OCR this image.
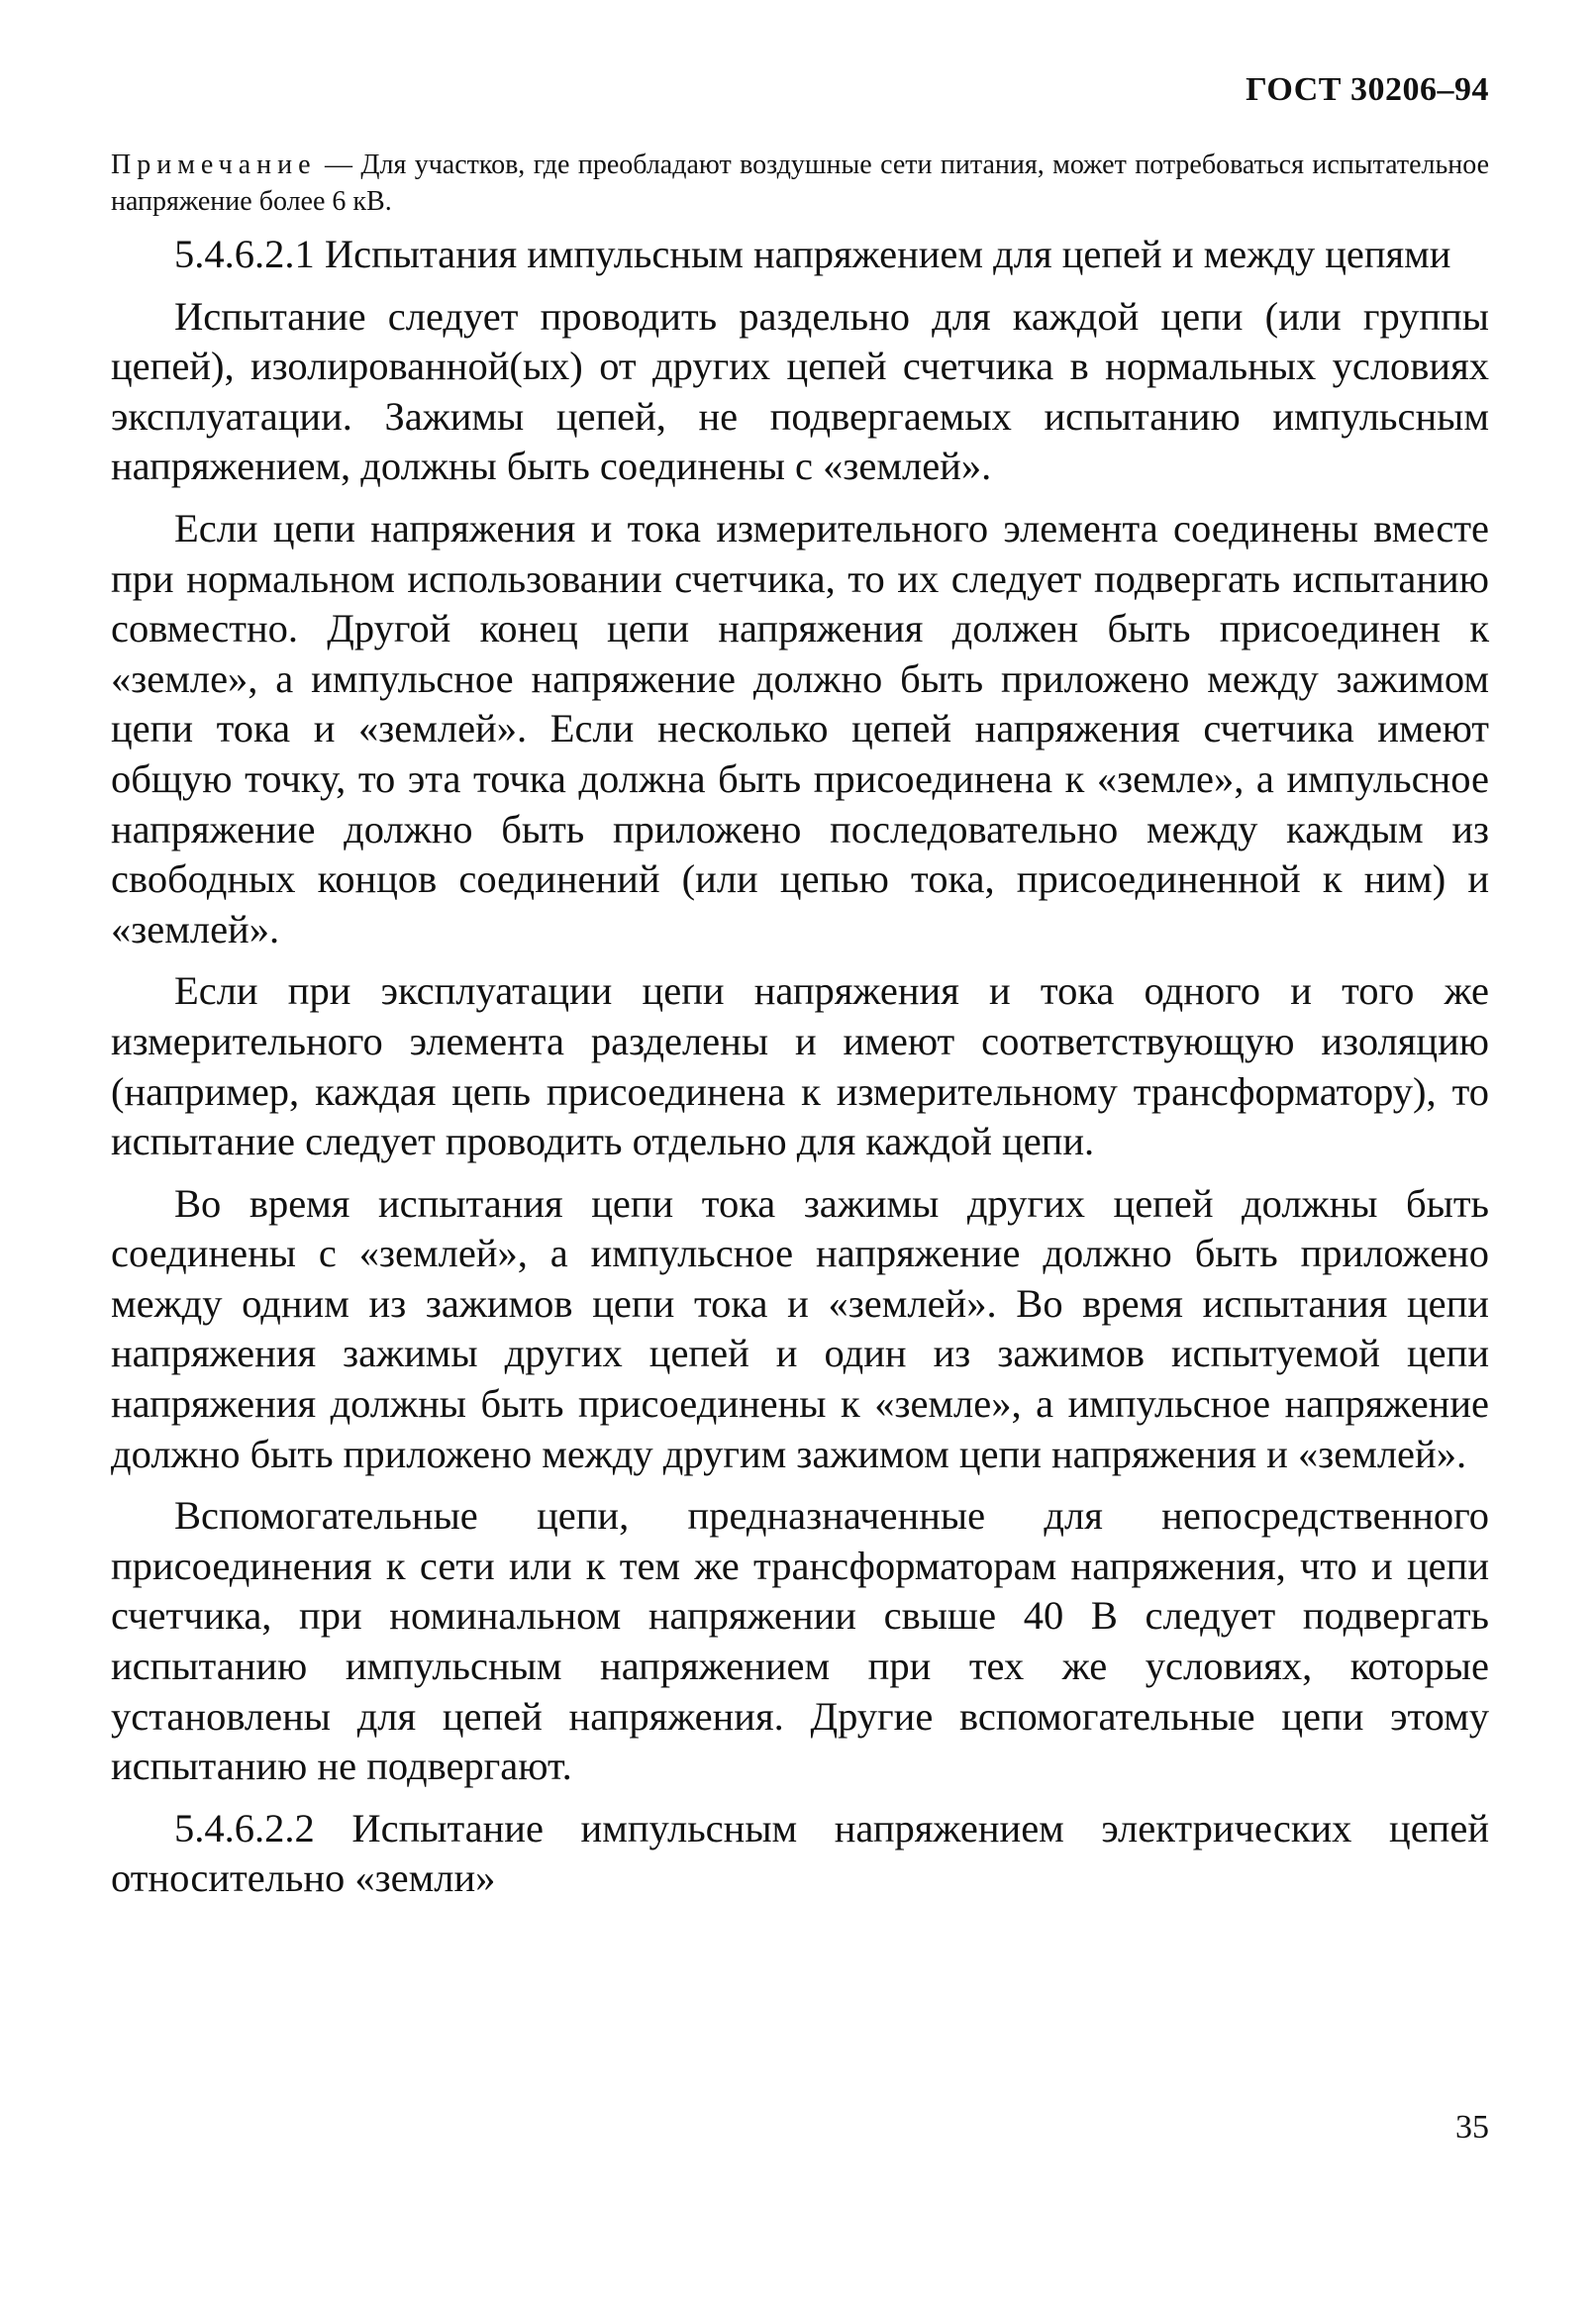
ГОСТ 30206–94
Примечание — Для участков, где преобладают воздушные сети питания, может потребоваться испытательное напряжение более 6 кВ.

5.4.6.2.1 Испытания импульсным напряжением для цепей и между цепями

Испытание следует проводить раздельно для каждой цепи (или группы цепей), изолированной(ых) от других цепей счетчика в нормальных условиях эксплуатации. Зажимы цепей, не подвергаемых испытанию импульсным напряжением, должны быть соединены с «землей».

Если цепи напряжения и тока измерительного элемента соединены вместе при нормальном использовании счетчика, то их следует подвергать испытанию совместно. Другой конец цепи напряжения должен быть присоединен к «земле», а импульсное напряжение должно быть приложено между зажимом цепи тока и «землей». Если несколько цепей напряжения счетчика имеют общую точку, то эта точка должна быть присоединена к «земле», а импульсное напряжение должно быть приложено последовательно между каждым из свободных концов соединений (или цепью тока, присоединенной к ним) и «землей».

Если при эксплуатации цепи напряжения и тока одного и того же измерительного элемента разделены и имеют соответствующую изоляцию (например, каждая цепь присоединена к измерительному трансформатору), то испытание следует проводить отдельно для каждой цепи.

Во время испытания цепи тока зажимы других цепей должны быть соединены с «землей», а импульсное напряжение должно быть приложено между одним из зажимов цепи тока и «землей». Во время испытания цепи напряжения зажимы других цепей и один из зажимов испытуемой цепи напряжения должны быть присоединены к «земле», а импульсное напряжение должно быть приложено между другим зажимом цепи напряжения и «землей».

Вспомогательные цепи, предназначенные для непосредственного присоединения к сети или к тем же трансформаторам напряжения, что и цепи счетчика, при номинальном напряжении свыше 40 В следует подвергать испытанию импульсным напряжением при тех же условиях, которые установлены для цепей напряжения. Другие вспомогательные цепи этому испытанию не подвергают.

5.4.6.2.2 Испытание импульсным напряжением электрических цепей относительно «земли»

35
